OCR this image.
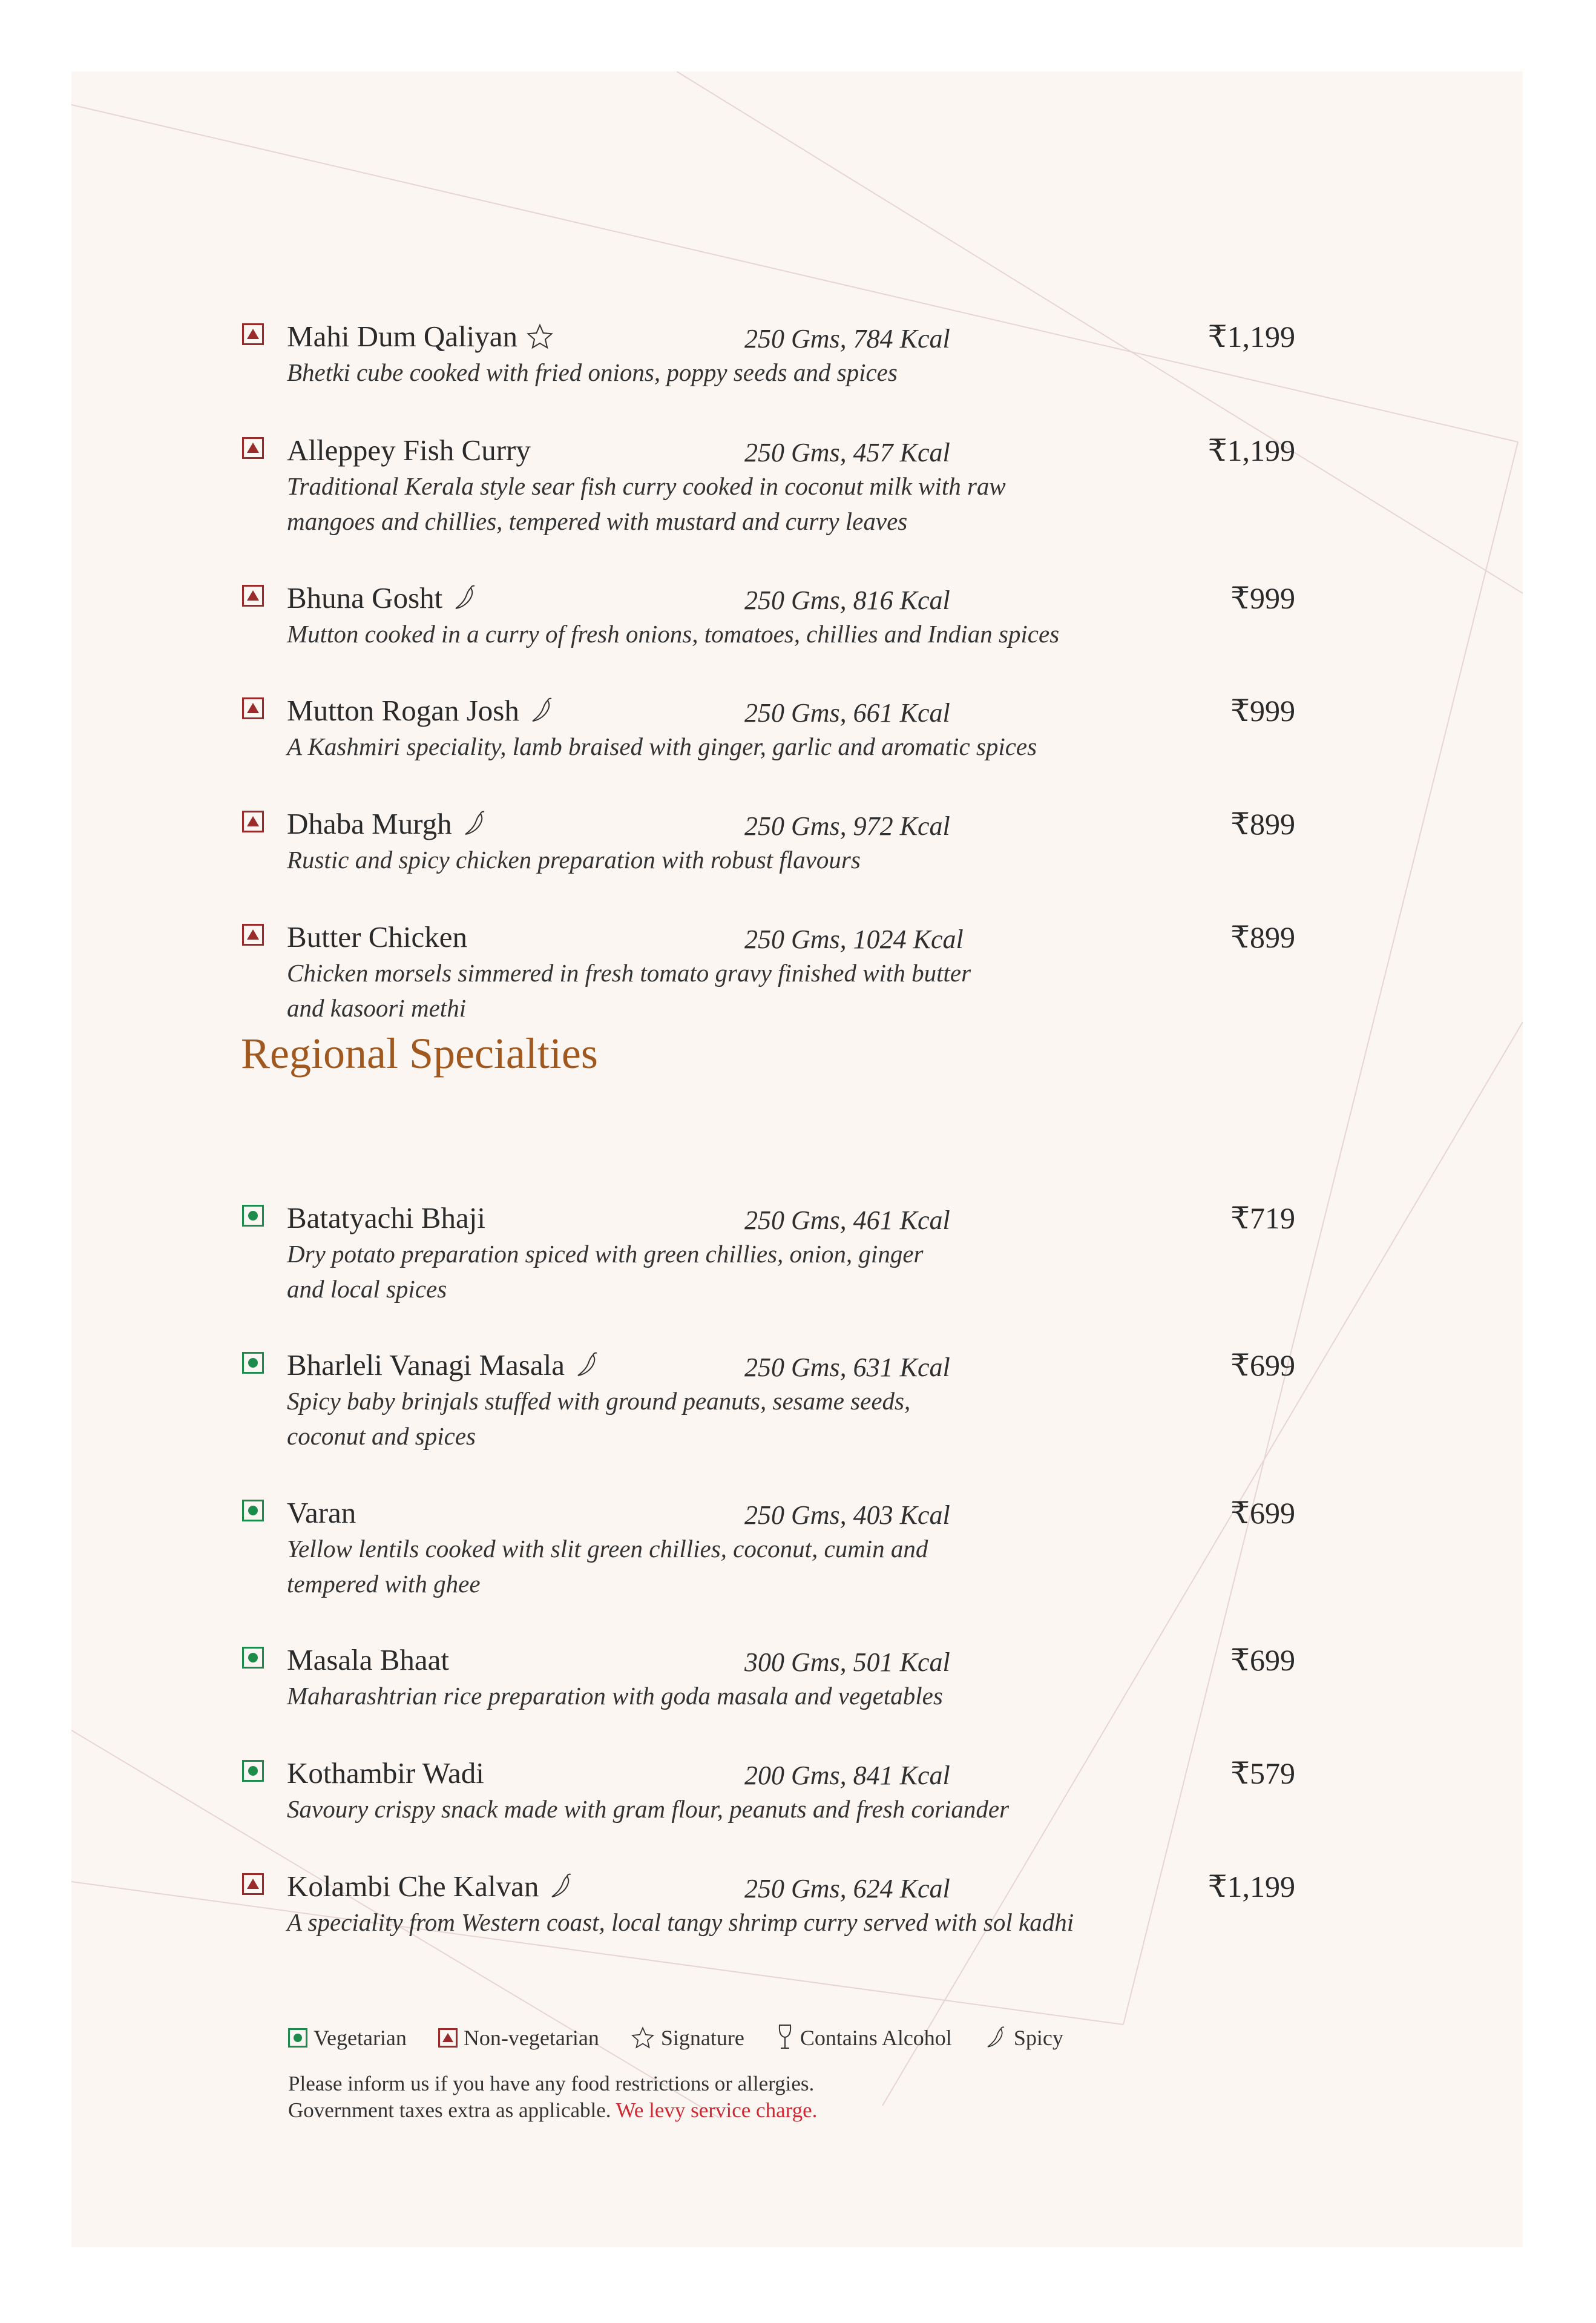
Mahi Dum Qaliyan	250 Gms, 784 Kcal	₹1,199
Bhetki cube cooked with fried onions, poppy seeds and spices
Alleppey Fish Curry	250 Gms, 457 Kcal	₹1,199
Traditional Kerala style sear fish curry cooked in coconut milk with raw
mangoes and chillies, tempered with mustard and curry leaves
Bhuna Gosht	250 Gms, 816 Kcal	₹999
Mutton cooked in a curry of fresh onions, tomatoes, chillies and Indian spices
Mutton Rogan Josh	250 Gms, 661 Kcal	₹999
A Kashmiri speciality, lamb braised with ginger, garlic and aromatic spices
Dhaba Murgh	250 Gms, 972 Kcal	₹899
Rustic and spicy chicken preparation with robust flavours
Butter Chicken	250 Gms, 1024 Kcal	₹899
Chicken morsels simmered in fresh tomato gravy finished with butter
and kasoori methi
Regional Specialties
Batatyachi Bhaji	250 Gms, 461 Kcal	₹719
Dry potato preparation spiced with green chillies, onion, ginger
and local spices
Bharleli Vanagi Masala	250 Gms, 631 Kcal	₹699
Spicy baby brinjals stuffed with ground peanuts, sesame seeds,
coconut and spices
Varan	250 Gms, 403 Kcal	₹699
Yellow lentils cooked with slit green chillies, coconut, cumin and
tempered with ghee
Masala Bhaat	300 Gms, 501 Kcal	₹699
Maharashtrian rice preparation with goda masala and vegetables
Kothambir Wadi	200 Gms, 841 Kcal	₹579
Savoury crispy snack made with gram flour, peanuts and fresh coriander
Kolambi Che Kalvan	250 Gms, 624 Kcal	₹1,199
A speciality from Western coast, local tangy shrimp curry served with sol kadhi
Vegetarian	Non-vegetarian	Signature	Contains Alcohol	Spicy
Please inform us if you have any food restrictions or allergies.
Government taxes extra as applicable. We levy service charge.
